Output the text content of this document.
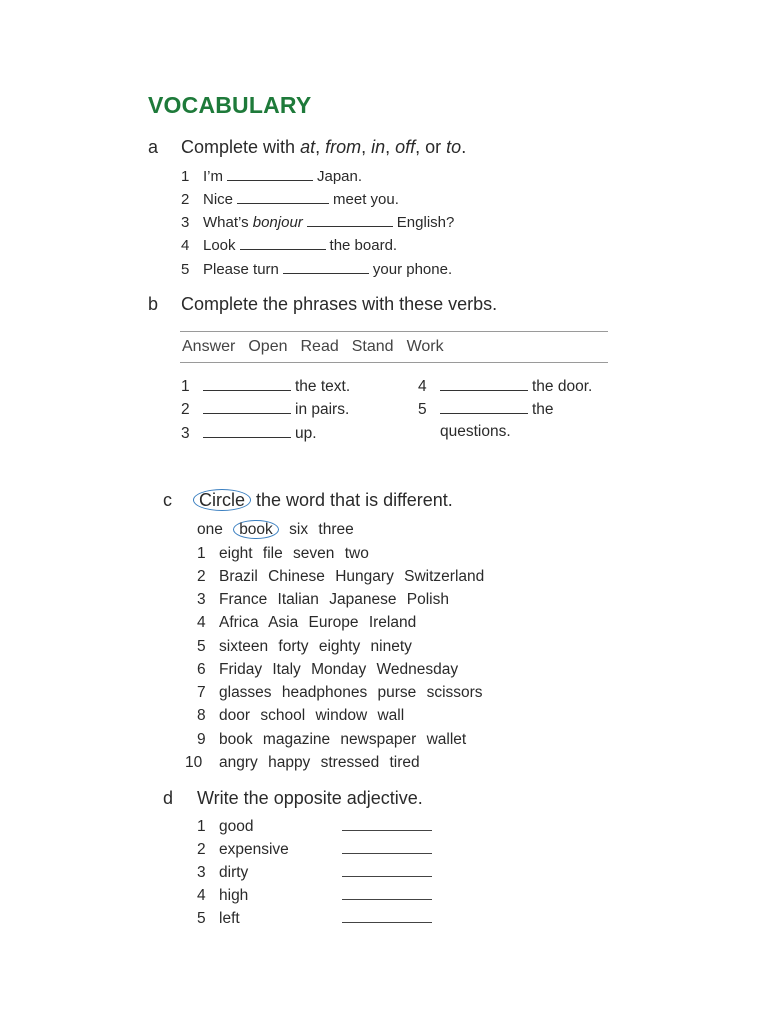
VOCABULARY
a Complete with at, from, in, off, or to.
1 I’m	Japan.
2 Nice	meet you.
3 What’s bonjour	English?
4 Look	the board.
5 Please turn	your phone.
b Complete the phrases with these verbs.
Answer Open Read Stand Work
1	the text.
2	in pairs.
3	up.
4	the door.
5	the
questions.
c Circle the word that is different.
one book six three
1 eight file seven two
2 Brazil Chinese Hungary Switzerland
3 France Italian Japanese Polish
4 Africa Asia Europe Ireland
5 sixteen forty eighty ninety
6 Friday Italy Monday Wednesday
7 glasses headphones purse scissors
8 door school window wall
9 book magazine newspaper wallet
10 angry happy stressed tired
d Write the opposite adjective.
1 good
2 expensive
3 dirty
4 high
5 left
